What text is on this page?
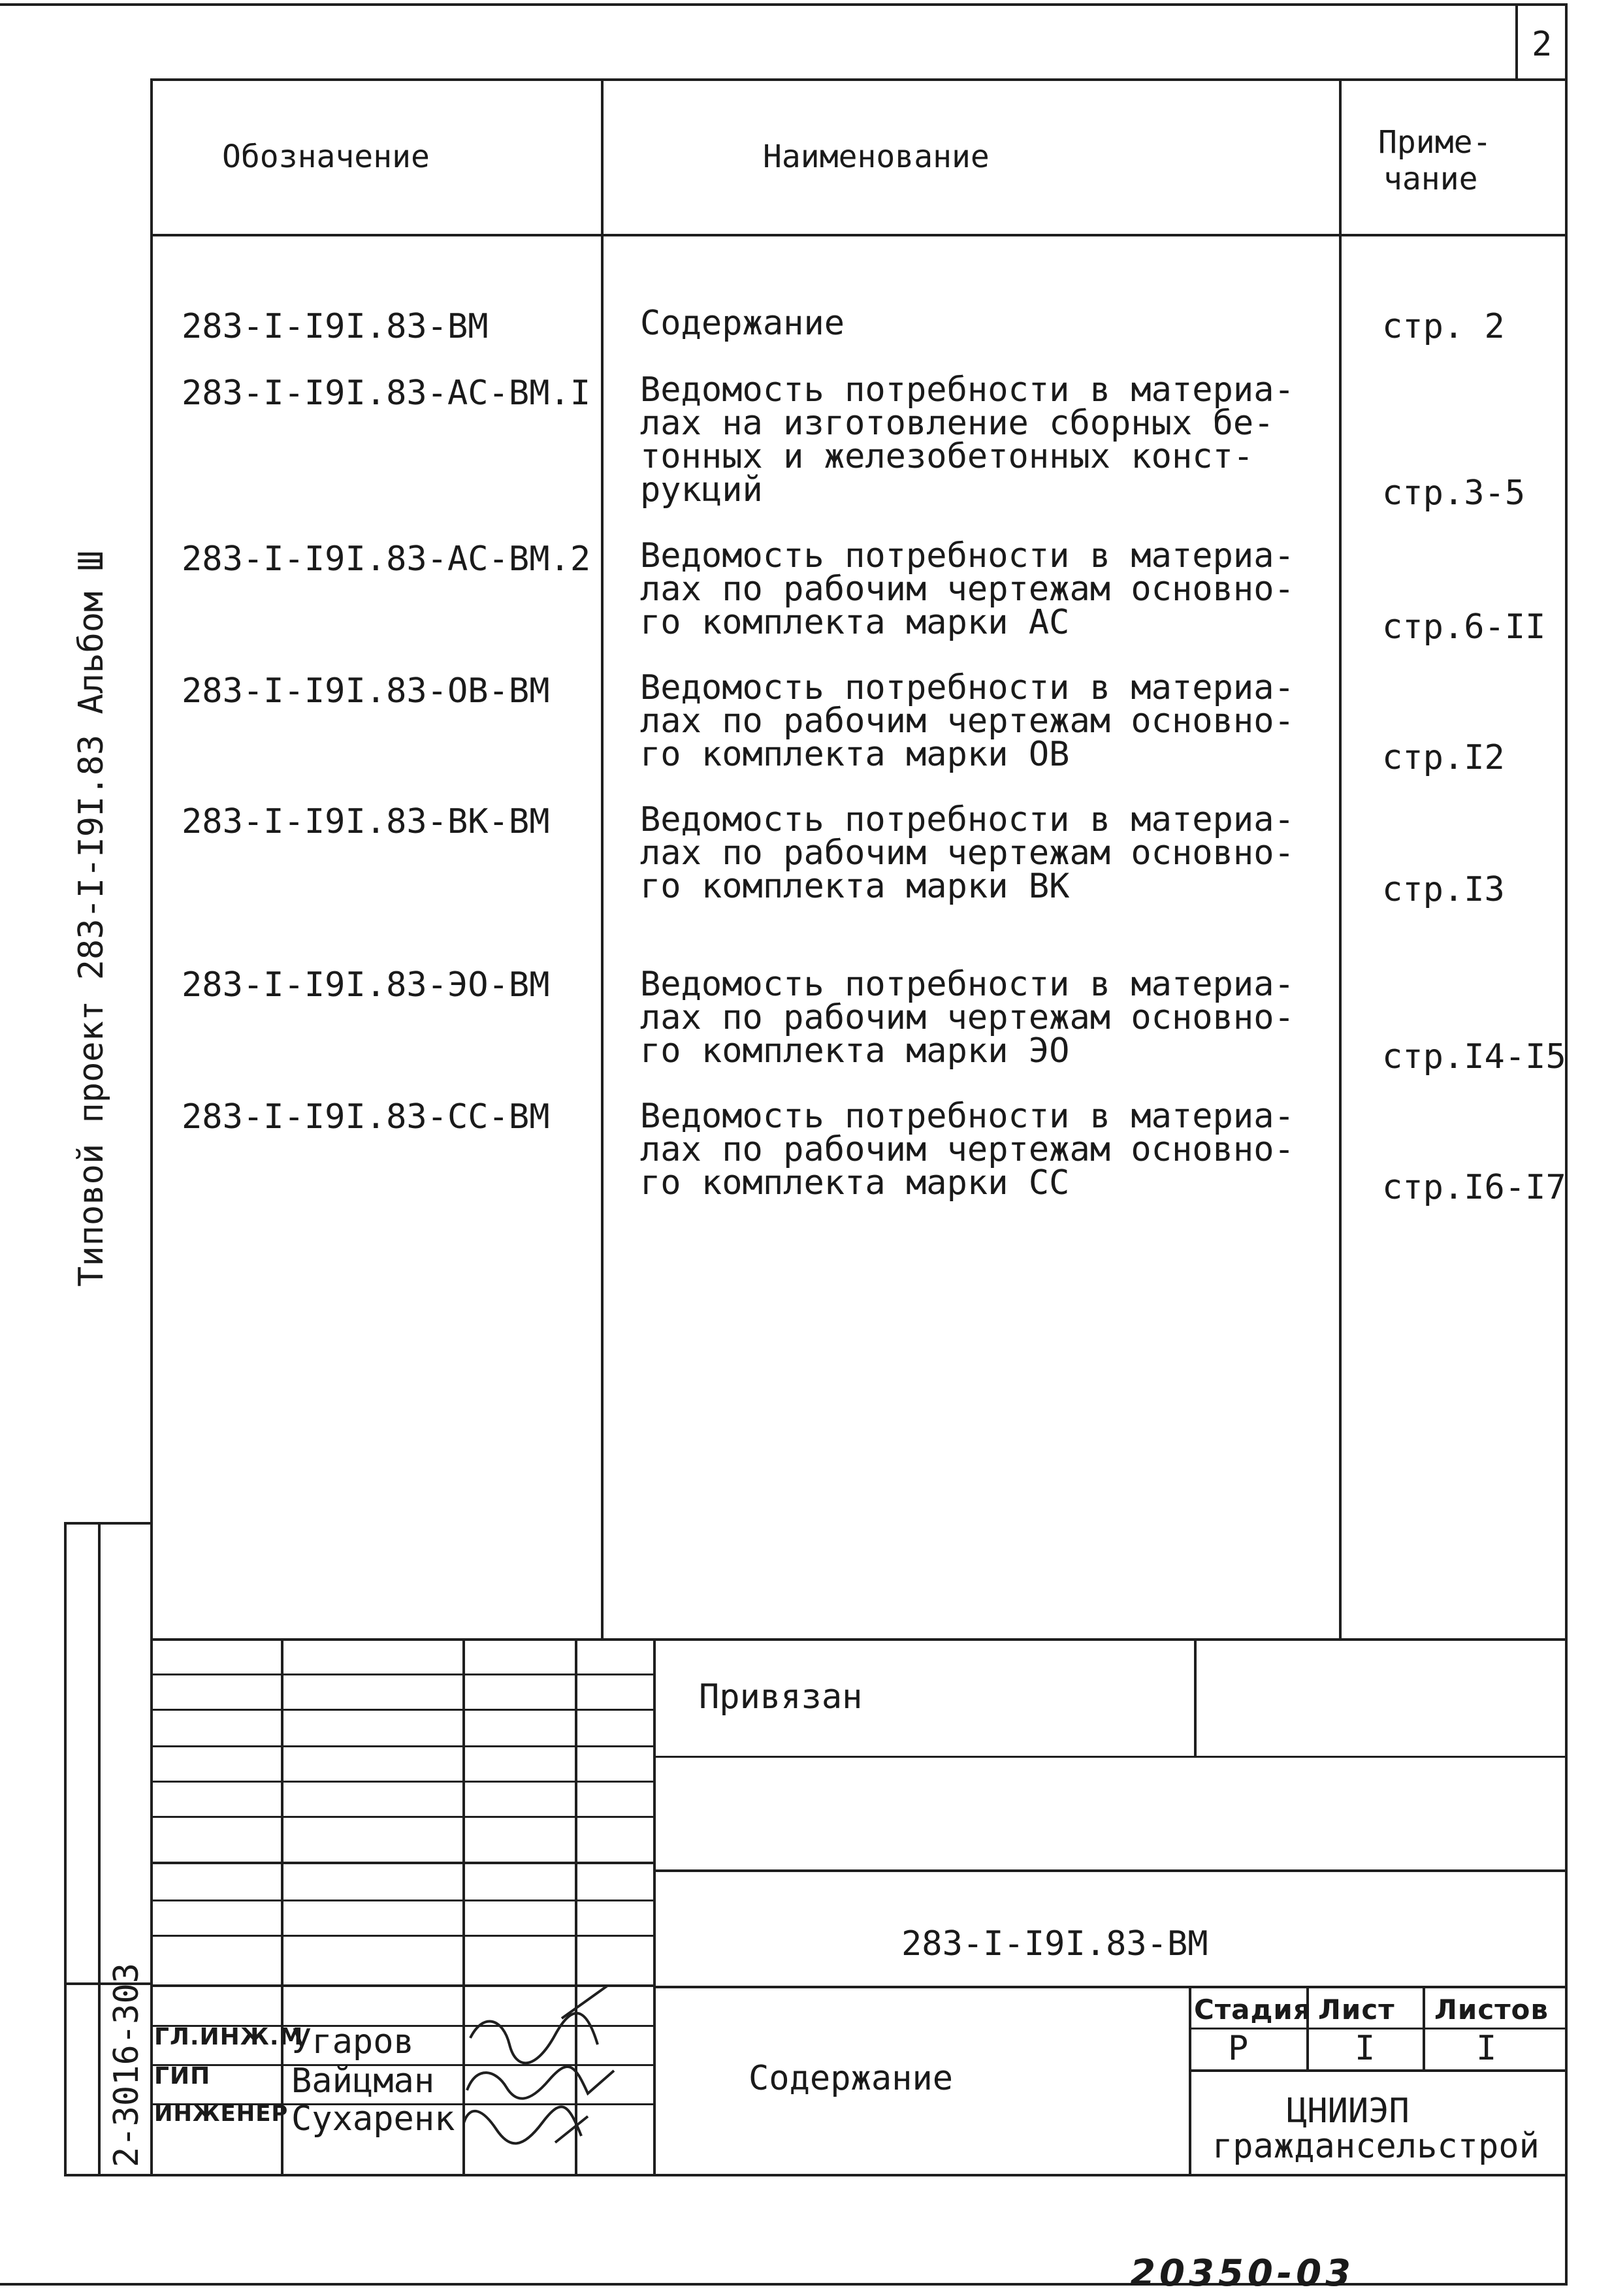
2
Обозначение	Наименование	Приме-
чание
283-I-I9I.83-ВМ	Содержание	стр. 2
283-I-I9I.83-АС-ВМ.I Ведомость потребности в материа-
лах на изготовление сборных бе-
тонных и железобетонных конст-
рукций	стр.3-5
283-I-I9I.83-АС-ВМ.2 Ведомость потребности в материа-
лах по рабочим чертежам основно-
го комплекта марки АС	стр.6-II
283-I-I9I.83-ОВ-ВМ	Ведомость потребности в материа-
лах по рабочим чертежам основно-
го комплекта марки ОВ	стр.I2
283-I-I9I.83-ВК-ВМ	Ведомость потребности в материа-
лах по рабочим чертежам основно-
го комплекта марки ВК	стр.I3
283-I-I9I.83-ЭО-ВМ	Ведомость потребности в материа-
лах по рабочим чертежам основно-
го комплекта марки ЭО	стр.I4-I5
283-I-I9I.83-СС-ВМ	Ведомость потребности в материа-
лах по рабочим чертежам основно-
го комплекта марки СС	стр.I6-I7
Типовой проект 283-I-I9I.83 Альбом Ш
2-3016-303 ГЛ.ИНЖ.М
Угаров
ГИП Вайцман
ИНЖЕНЕР Сухаренк
Привязан
283-I-I9I.83-ВМ
Содержание
Стадия Лист Листов
Р	I	I
ЦНИИЭП
граждансельстрой
20350-03
